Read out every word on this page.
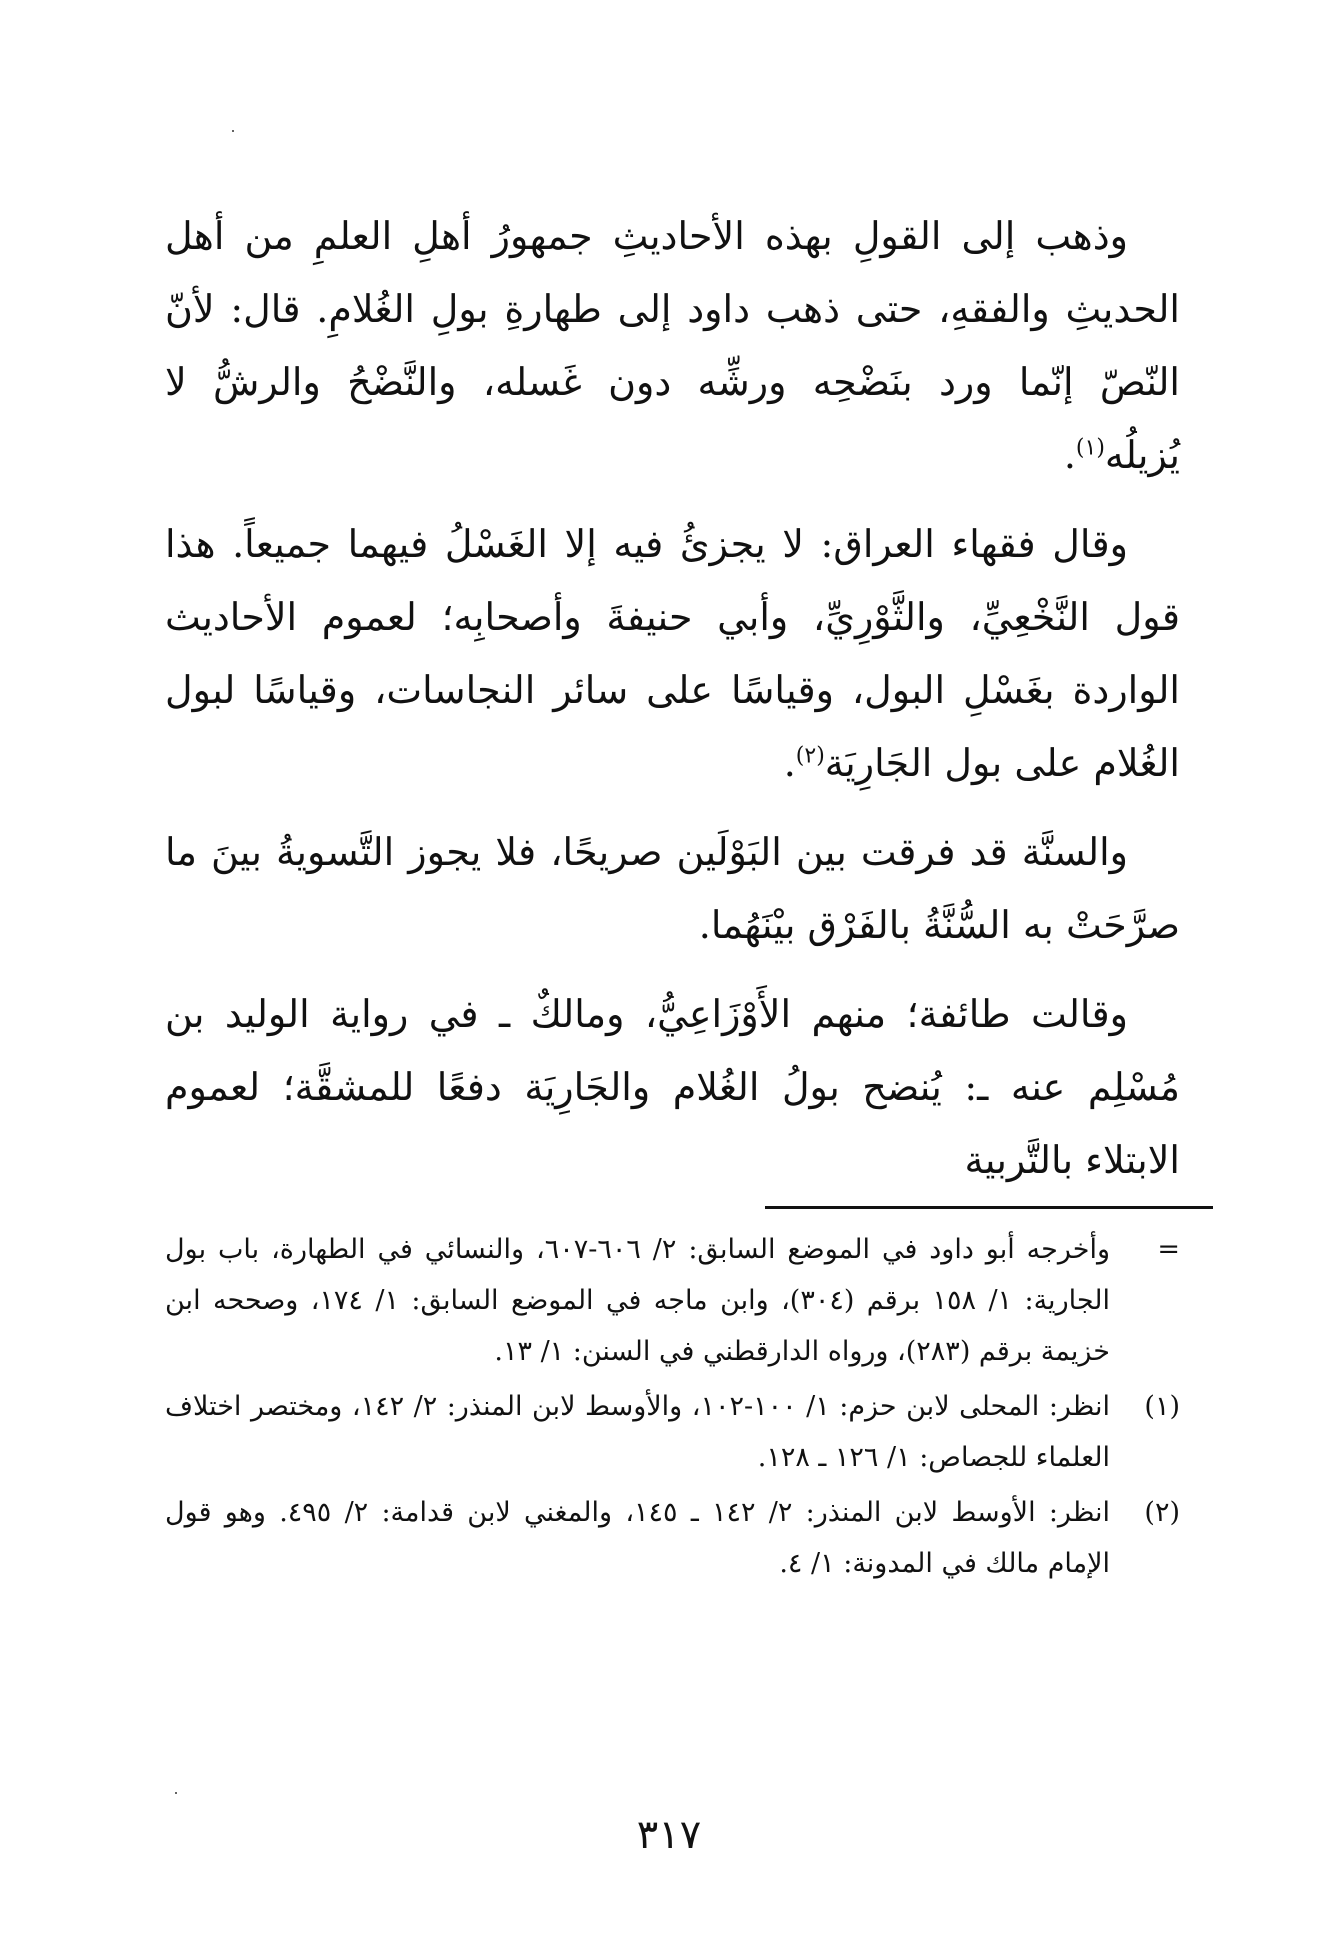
وذهب إلى القولِ بهذه الأحاديثِ جمهورُ أهلِ العلمِ من أهل الحديثِ والفقهِ، حتى ذهب داود إلى طهارةِ بولِ الغُلامِ. قال: لأنّ النّصّ إنّما ورد بنَضْحِه ورشِّه دون غَسله، والنَّضْحُ والرشُّ لا يُزيلُه$^{(١)}$.

وقال فقهاء العراق: لا يجزئُ فيه إلا الغَسْلُ فيهما جميعاً. هذا قول النَّخْعِيِّ، والثَّوْرِيِّ، وأبي حنيفةَ وأصحابِه؛ لعموم الأحاديث الواردة بغَسْلِ البول، وقياسًا على سائر النجاسات، وقياسًا لبول الغُلام على بول الجَارِيَة$^{(٢)}$.

والسنَّة قد فرقت بين البَوْلَين صريحًا، فلا يجوز التَّسويةُ بينَ ما صرَّحَتْ به السُّنَّةُ بالفَرْق بيْنَهُما.

وقالت طائفة؛ منهم الأَوْزَاعِيُّ، ومالكٌ ـ في رواية الوليد بن مُسْلِم عنه ـ: يُنضح بولُ الغُلام والجَارِيَة دفعًا للمشقَّة؛ لعموم الابتلاء بالتَّربية

=
وأخرجه أبو داود في الموضع السابق: ٢/ ٦٠٦-٦٠٧، والنسائي في الطهارة، باب بول الجارية: ١/ ١٥٨ برقم (٣٠٤)، وابن ماجه في الموضع السابق: ١/ ١٧٤، وصححه ابن خزيمة برقم (٢٨٣)، ورواه الدارقطني في السنن: ١/ ١٣.
(١)
انظر: المحلى لابن حزم: ١/ ١٠٠-١٠٢، والأوسط لابن المنذر: ٢/ ١٤٢، ومختصر اختلاف العلماء للجصاص: ١/ ١٢٦ ـ ١٢٨.
(٢)
انظر: الأوسط لابن المنذر: ٢/ ١٤٢ ـ ١٤٥، والمغني لابن قدامة: ٢/ ٤٩٥. وهو قول الإمام مالك في المدونة: ١/ ٤.
٣١٧
